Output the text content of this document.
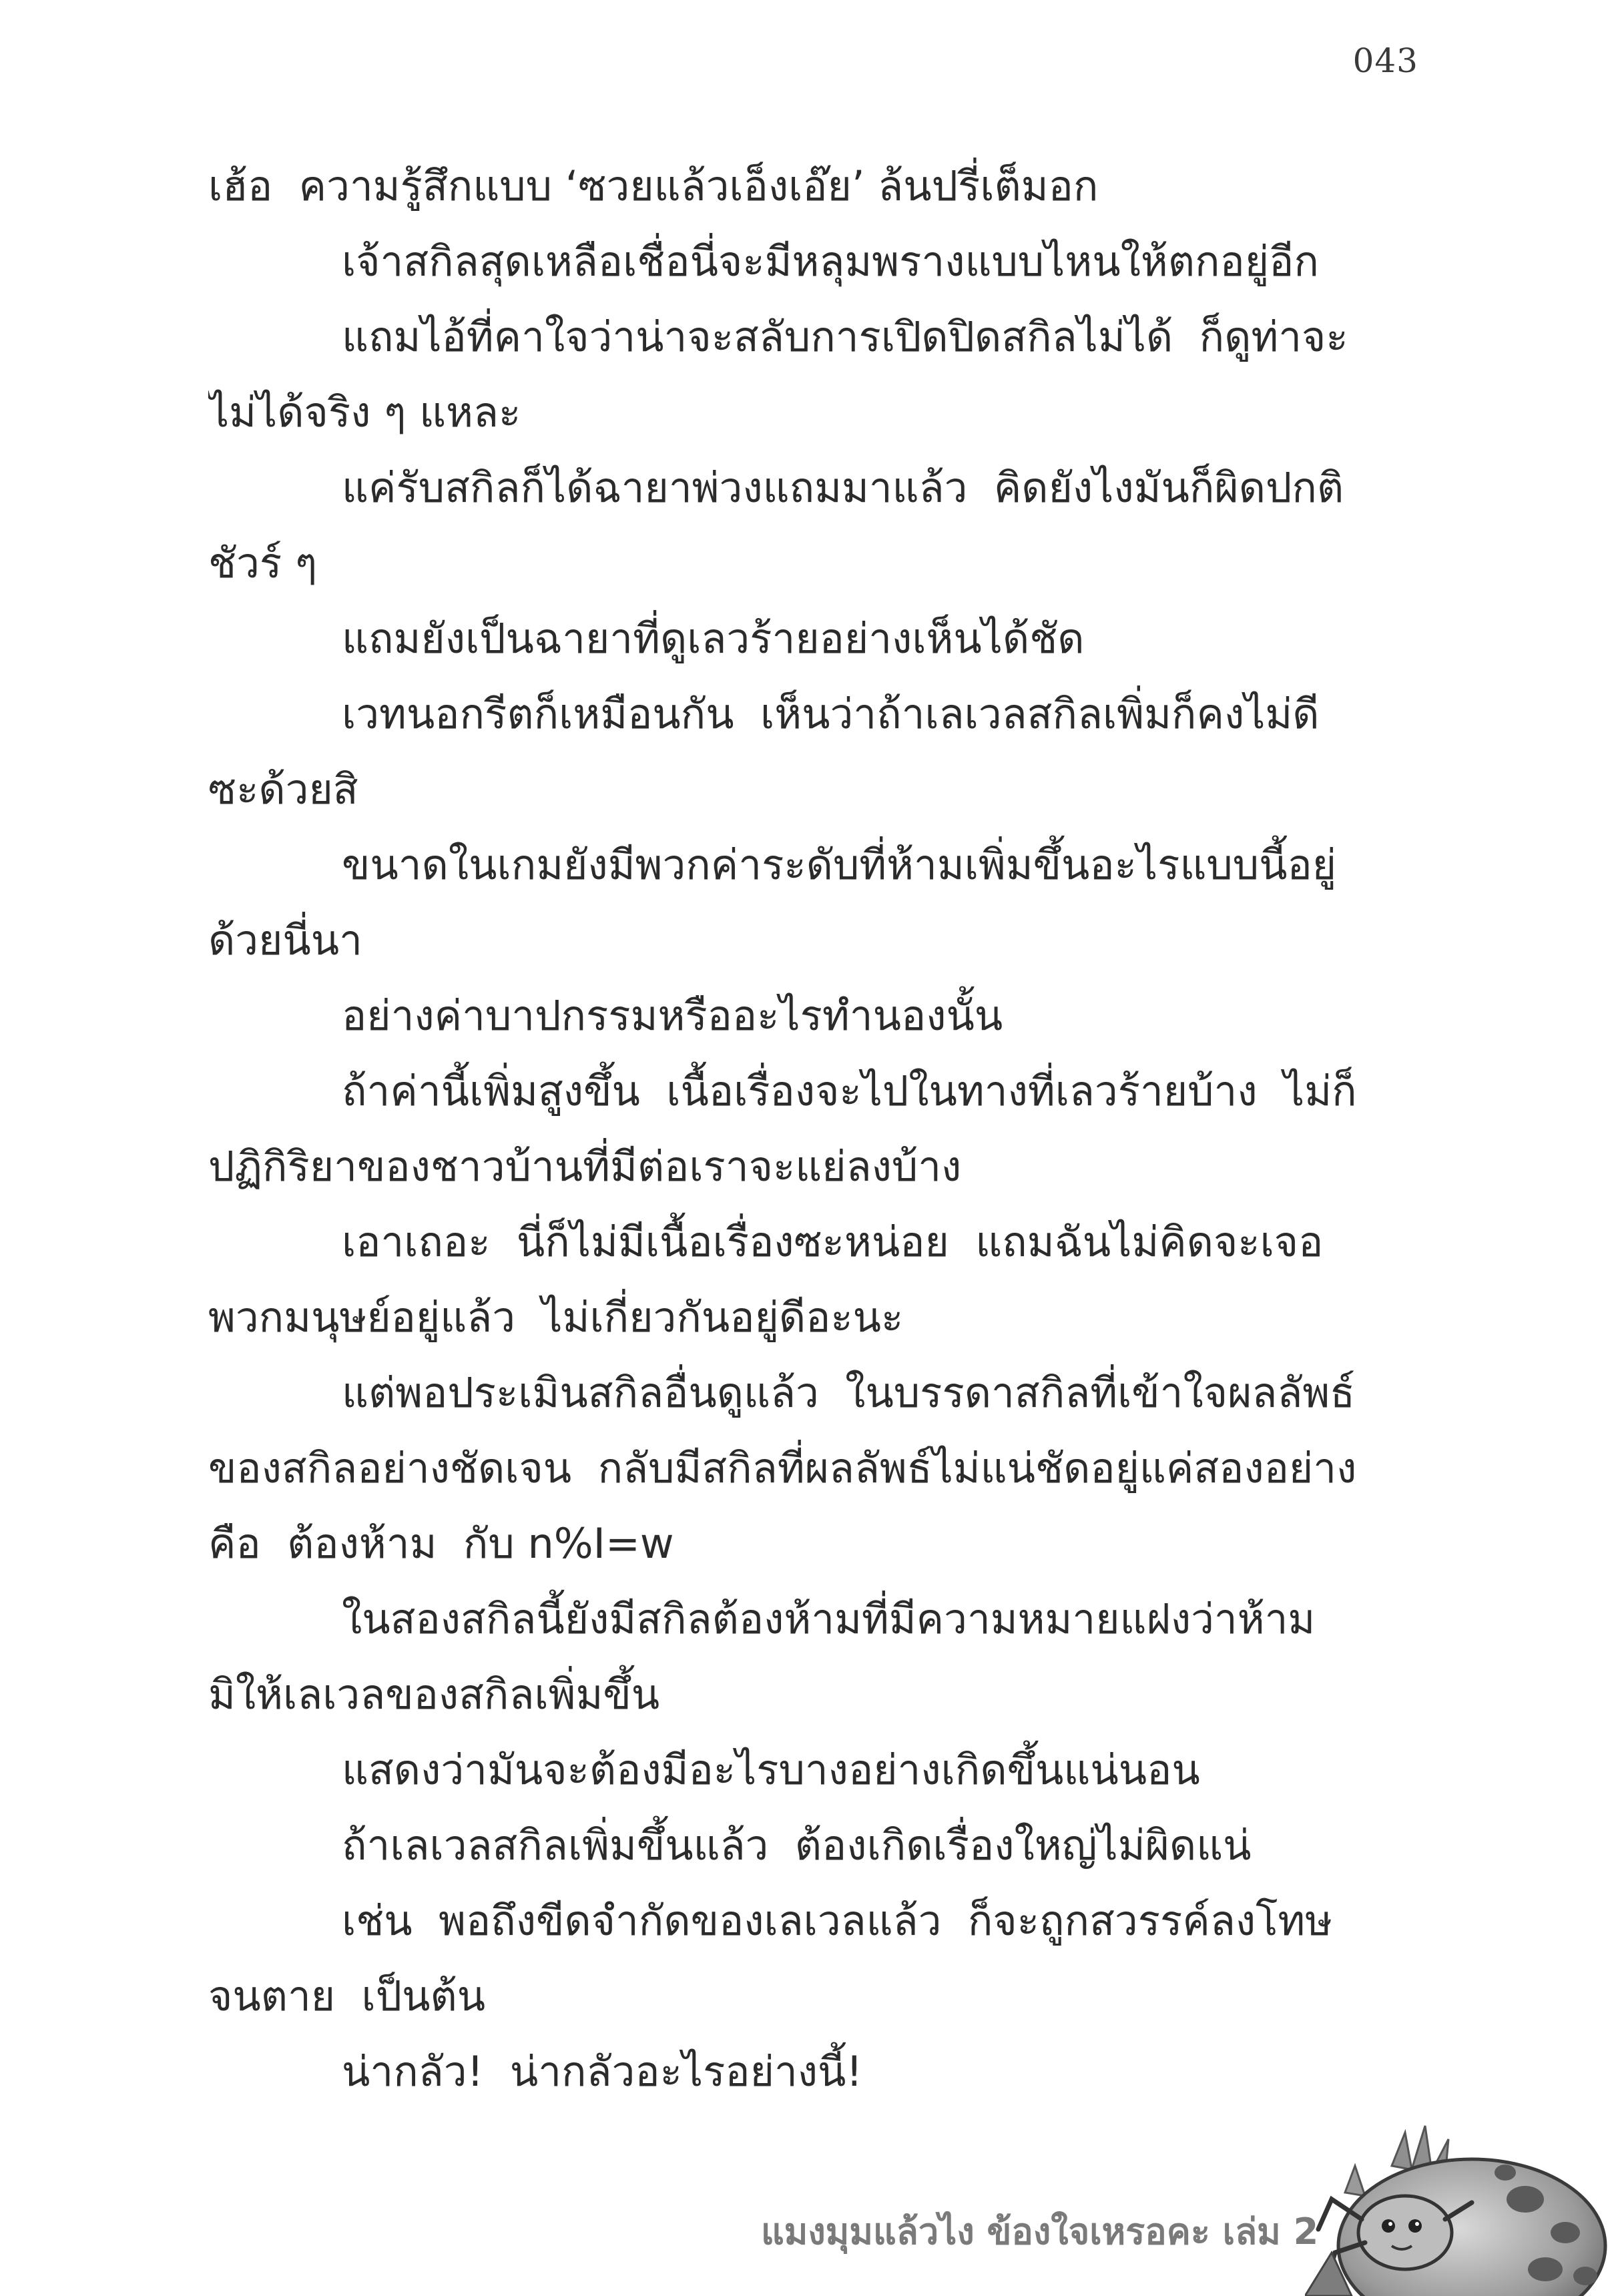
043
เฮ้อ  ความรู้สึกแบบ ‘ซวยแล้วเอ็งเอ๊ย’ ล้นปรี่เต็มอก
เจ้าสกิลสุดเหลือเชื่อนี่จะมีหลุมพรางแบบไหนให้ตกอยู่อีก
แถมไอ้ที่คาใจว่าน่าจะสลับการเปิดปิดสกิลไม่ได้  ก็ดูท่าจะ
ไม่ได้จริง ๆ แหละ
แค่รับสกิลก็ได้ฉายาพ่วงแถมมาแล้ว  คิดยังไงมันก็ผิดปกติ
ชัวร์ ๆ
แถมยังเป็นฉายาที่ดูเลวร้ายอย่างเห็นได้ชัด
เวทนอกรีตก็เหมือนกัน  เห็นว่าถ้าเลเวลสกิลเพิ่มก็คงไม่ดี
ซะด้วยสิ
ขนาดในเกมยังมีพวกค่าระดับที่ห้ามเพิ่มขึ้นอะไรแบบนี้อยู่
ด้วยนี่นา
อย่างค่าบาปกรรมหรืออะไรทำนองนั้น
ถ้าค่านี้เพิ่มสูงขึ้น  เนื้อเรื่องจะไปในทางที่เลวร้ายบ้าง  ไม่ก็
ปฏิกิริยาของชาวบ้านที่มีต่อเราจะแย่ลงบ้าง
เอาเถอะ  นี่ก็ไม่มีเนื้อเรื่องซะหน่อย  แถมฉันไม่คิดจะเจอ
พวกมนุษย์อยู่แล้ว  ไม่เกี่ยวกันอยู่ดีอะนะ
แต่พอประเมินสกิลอื่นดูแล้ว  ในบรรดาสกิลที่เข้าใจผลลัพธ์
ของสกิลอย่างชัดเจน  กลับมีสกิลที่ผลลัพธ์ไม่แน่ชัดอยู่แค่สองอย่าง
คือ  ต้องห้าม  กับ n%I=w
ในสองสกิลนี้ยังมีสกิลต้องห้ามที่มีความหมายแฝงว่าห้าม
มิให้เลเวลของสกิลเพิ่มขึ้น
แสดงว่ามันจะต้องมีอะไรบางอย่างเกิดขึ้นแน่นอน
ถ้าเลเวลสกิลเพิ่มขึ้นแล้ว  ต้องเกิดเรื่องใหญ่ไม่ผิดแน่
เช่น  พอถึงขีดจำกัดของเลเวลแล้ว  ก็จะถูกสวรรค์ลงโทษ
จนตาย  เป็นต้น
น่ากลัว!  น่ากลัวอะไรอย่างนี้!
แมงมุมแล้วไง ข้องใจเหรอคะ เล่ม 2
